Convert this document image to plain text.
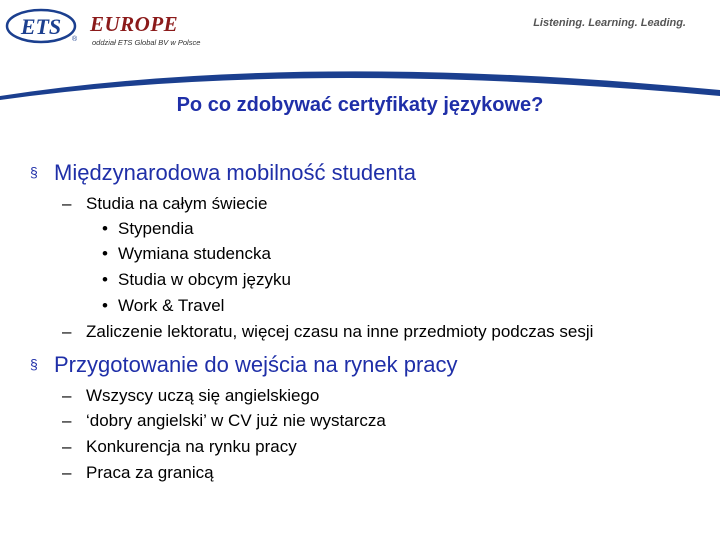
ETS
®
EUROPE
oddział ETS Global BV w Polsce
Listening. Learning. Leading.
Po co zdobywać certyfikaty językowe?
§ Międzynarodowa mobilność studenta
– Studia na całym świecie
• Stypendia
• Wymiana studencka
• Studia w obcym języku
• Work & Travel
– Zaliczenie lektoratu, więcej czasu na inne przedmioty podczas sesji
§ Przygotowanie do wejścia na rynek pracy
– Wszyscy uczą się angielskiego
– ‘dobry angielski’ w CV już nie wystarcza
– Konkurencja na rynku pracy
– Praca za granicą
